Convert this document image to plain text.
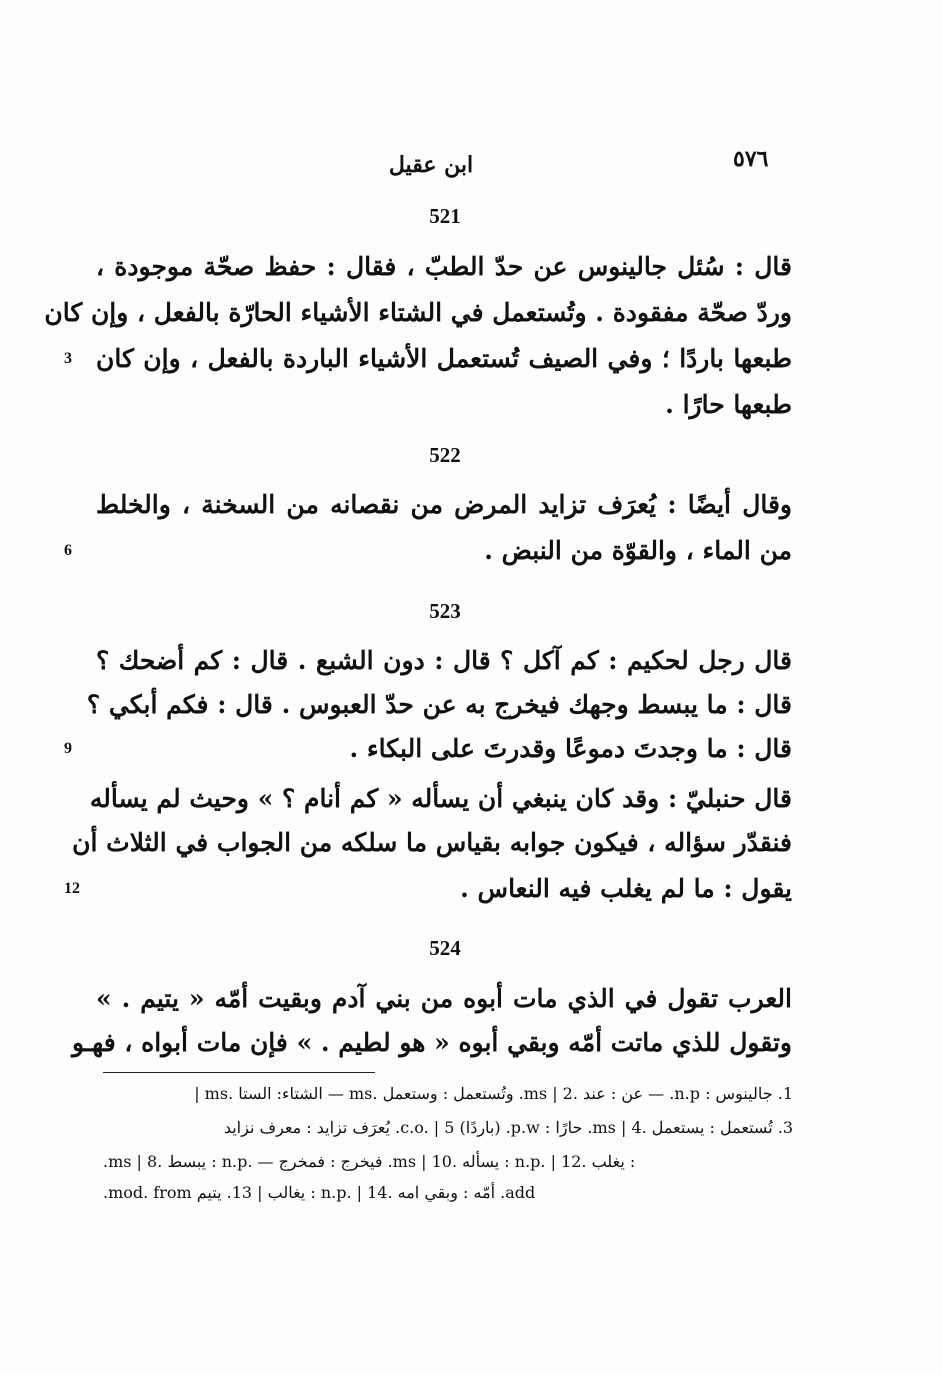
٥٧٦
ابن عقيل
521
قال : سُئل جالينوس عن حدّ الطبّ ، فقال : حفظ صحّة موجودة ،
وردّ صحّة مفقودة . وتُستعمل في الشتاء الأشياء الحارّة بالفعل ، وإن كان
طبعها باردًا ؛ وفي الصيف تُستعمل الأشياء الباردة بالفعل ، وإن كان
3
طبعها حارًا .
522
وقال أيضًا : يُعرَف تزايد المرض من نقصانه من السخنة ، والخلط
من الماء ، والقوّة من النبض .
6
523
قال رجل لحكيم : كم آكل ؟ قال : دون الشبع . قال : كم أضحك ؟
قال : ما يبسط وجهك فيخرج به عن حدّ العبوس . قال : فكم أبكي ؟
قال : ما وجدتَ دموعًا وقدرتَ على البكاء .
9
قال حنبليّ : وقد كان ينبغي أن يسأله « كم أنام ؟ » وحيث لم يسأله
فنقدّر سؤاله ، فيكون جوابه بقياس ما سلكه من الجواب في الثلاث أن
يقول : ما لم يغلب فيه النعاس .
12
524
العرب تقول في الذي مات أبوه من بني آدم وبقيت أمّه « يتيم . »
وتقول للذي ماتت أمّه وبقي أبوه « هو لطيم . » فإن مات أبواه ، فهـو
1. جالينوس : n.p. — عن : عند .ms | 2. وتُستعمل : وستعمل .ms — الشتاء: الستا .ms |
3. تُستعمل : يستعمل .ms | 4. حارًا : p.w. (باردًا) c.o. | 5. يُعرَف تزايد : معرف نزايد
.ms | 8. يبسط : n.p. — فيخرج : فمخرج .ms | 10. يسأله : n.p. | 12. يغلب :
.mod. from يغالب | 13. يتيم : n.p. | 14. أمّه : وبقي امه .add
